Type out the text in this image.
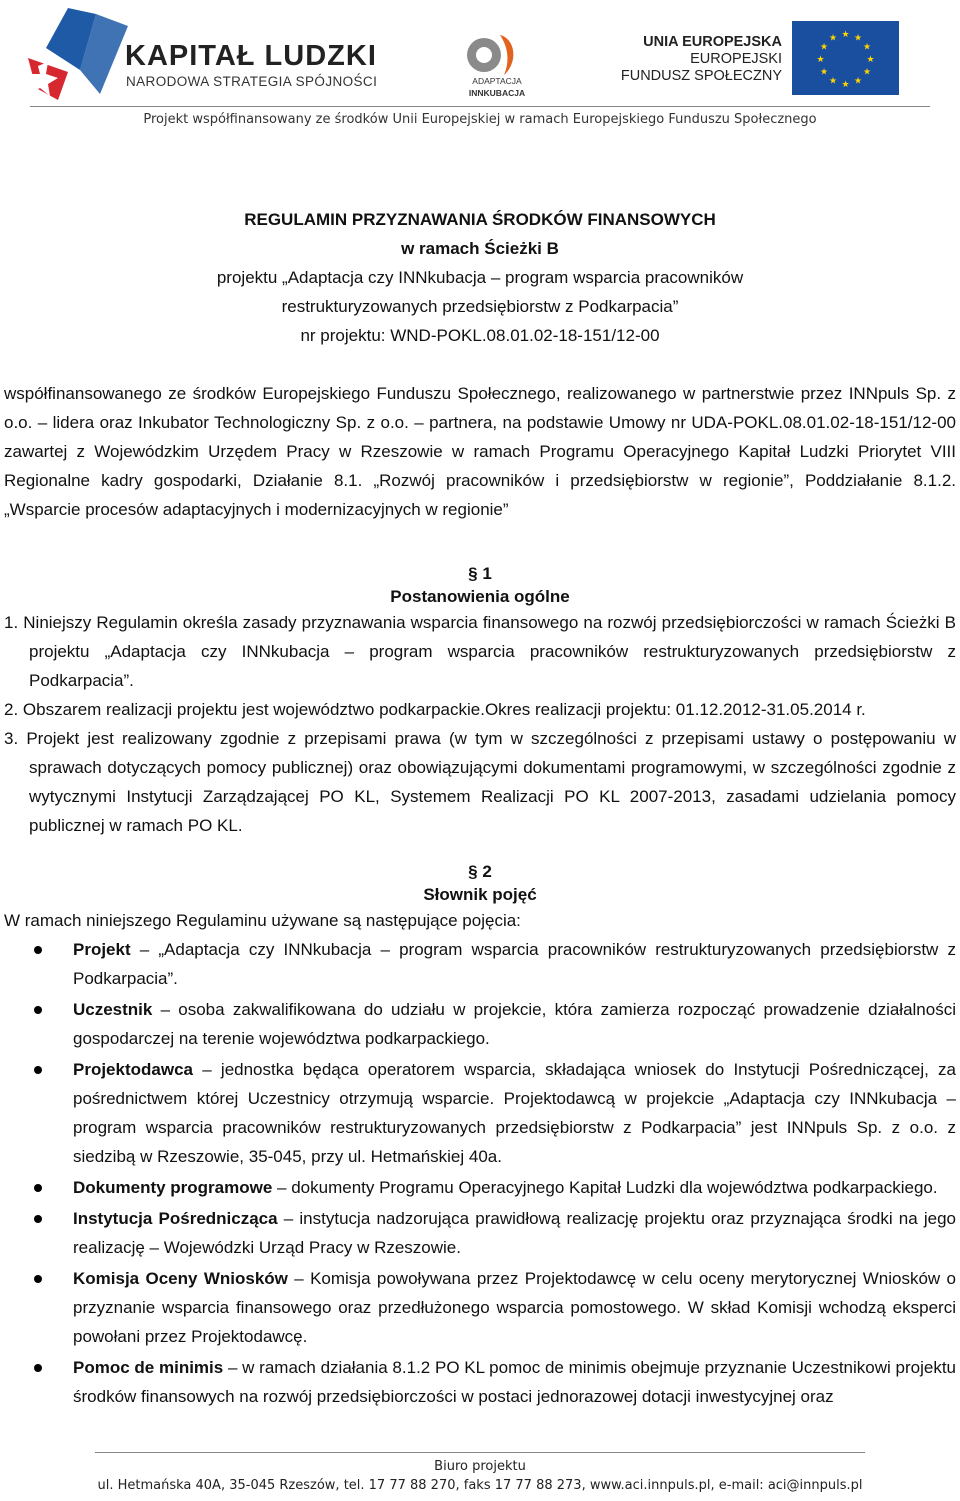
KAPITAŁ LUDZKI
NARODOWA STRATEGIA SPÓJNOŚCI	ADAPTACJA
INNKUBACJA
UNIA EUROPEJSKA
EUROPEJSKI
FUNDUSZ SPOŁECZNY
★ ★
★
★
★
★
★
★
★
★
★
★
Projekt współfinansowany ze środków Unii Europejskiej w ramach Europejskiego Funduszu Społecznego
REGULAMIN PRZYZNAWANIA ŚRODKÓW FINANSOWYCH
w ramach Ścieżki B
projektu „Adaptacja czy INNkubacja – program wsparcia pracowników
restrukturyzowanych przedsiębiorstw z Podkarpacia”
nr projektu: WND-POKL.08.01.02-18-151/12-00

współfinansowanego ze środków Europejskiego Funduszu Społecznego, realizowanego w partnerstwie przez INNpuls Sp. z o.o. – lidera oraz Inkubator Technologiczny Sp. z o.o. – partnera, na podstawie Umowy nr UDA-POKL.08.01.02-18-151/12-00 zawartej z Wojewódzkim Urzędem Pracy w Rzeszowie w ramach Programu Operacyjnego Kapitał Ludzki Priorytet VIII Regionalne kadry gospodarki, Działanie 8.1. „Rozwój pracowników i przedsiębiorstw w regionie”, Poddziałanie 8.1.2. „Wsparcie procesów adaptacyjnych i modernizacyjnych w regionie”

§ 1
Postanowienia ogólne
1. Niniejszy Regulamin określa zasady przyznawania wsparcia finansowego na rozwój przedsiębiorczości w ramach Ścieżki B projektu „Adaptacja czy INNkubacja – program wsparcia pracowników restrukturyzowanych przedsiębiorstw z Podkarpacia”.
2. Obszarem realizacji projektu jest województwo podkarpackie.Okres realizacji projektu: 01.12.2012-31.05.2014 r.
3. Projekt jest realizowany zgodnie z przepisami prawa (w tym w szczególności z przepisami ustawy o postępowaniu w sprawach dotyczących pomocy publicznej) oraz obowiązującymi dokumentami programowymi, w szczególności zgodnie z wytycznymi Instytucji Zarządzającej PO KL, Systemem Realizacji PO KL 2007-2013, zasadami udzielania pomocy publicznej w ramach PO KL.
§ 2
Słownik pojęć
W ramach niniejszego Regulaminu używane są następujące pojęcia:
Projekt – „Adaptacja czy INNkubacja – program wsparcia pracowników restrukturyzowanych przedsiębiorstw z Podkarpacia”.
Uczestnik – osoba zakwalifikowana do udziału w projekcie, która zamierza rozpocząć prowadzenie działalności gospodarczej na terenie województwa podkarpackiego.
Projektodawca – jednostka będąca operatorem wsparcia, składająca wniosek do Instytucji Pośredniczącej, za pośrednictwem której Uczestnicy otrzymują wsparcie. Projektodawcą w projekcie „Adaptacja czy INNkubacja – program wsparcia pracowników restrukturyzowanych przedsiębiorstw z Podkarpacia” jest INNpuls Sp. z o.o. z siedzibą w Rzeszowie, 35-045, przy ul. Hetmańskiej 40a.
Dokumenty programowe – dokumenty Programu Operacyjnego Kapitał Ludzki dla województwa podkarpackiego.
Instytucja Pośrednicząca – instytucja nadzorująca prawidłową realizację projektu oraz przyznająca środki na jego realizację – Wojewódzki Urząd Pracy w Rzeszowie.
Komisja Oceny Wniosków – Komisja powoływana przez Projektodawcę w celu oceny merytorycznej Wniosków o przyznanie wsparcia finansowego oraz przedłużonego wsparcia pomostowego. W skład Komisji wchodzą eksperci powołani przez Projektodawcę.
Pomoc de minimis – w ramach działania 8.1.2 PO KL pomoc de minimis obejmuje przyznanie Uczestnikowi projektu środków finansowych na rozwój przedsiębiorczości w postaci jednorazowej dotacji inwestycyjnej oraz
Biuro projektu
ul. Hetmańska 40A, 35-045 Rzeszów, tel. 17 77 88 270, faks 17 77 88 273, www.aci.innpuls.pl, e-mail: aci@innpuls.pl
